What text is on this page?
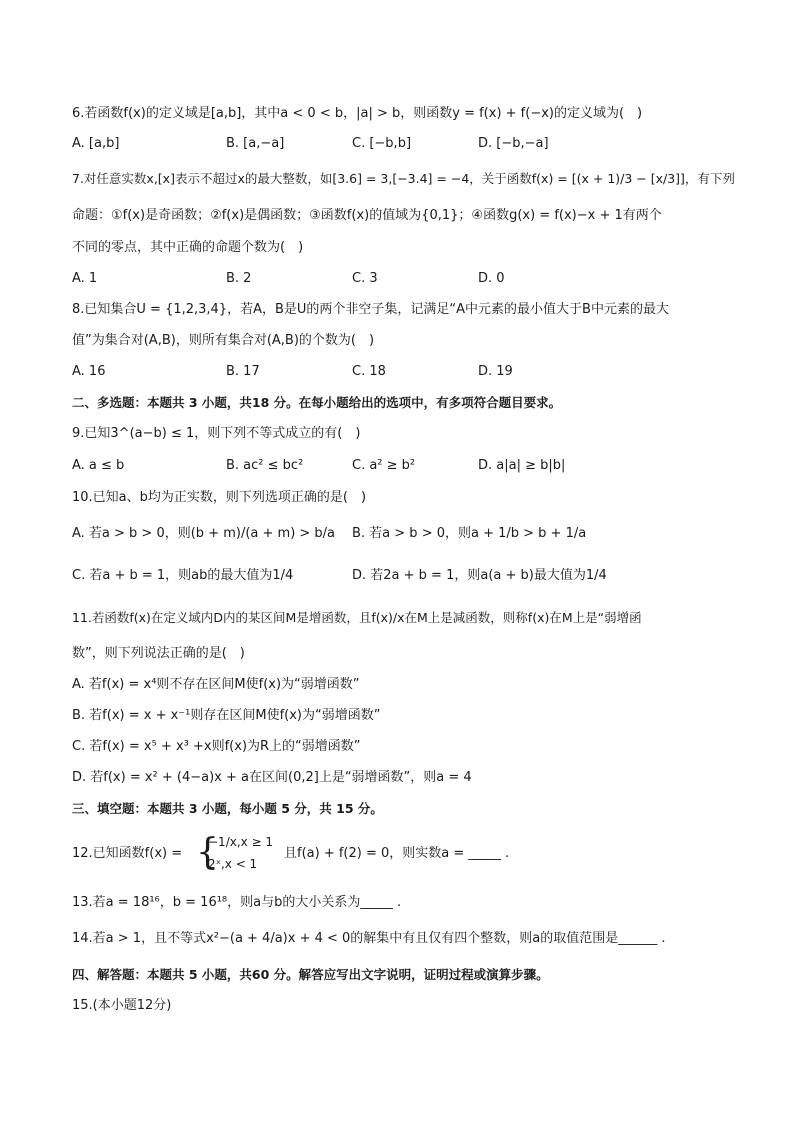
6.若函数f(x)的定义域是[a,b]，其中a < 0 < b，|a| > b，则函数y = f(x) + f(−x)的定义域为(　)
A. [a,b]	B. [a,−a]	C. [−b,b]	D. [−b,−a]
7.对任意实数x,[x]表示不超过x的最大整数，如[3.6] = 3,[−3.4] = −4，关于函数f(x) = [(x + 1)/3 − [x/3]]，有下列
命题：①f(x)是奇函数；②f(x)是偶函数；③函数f(x)的值域为{0,1}；④函数g(x) = f(x)−x + 1有两个
不同的零点，其中正确的命题个数为(　)
A. 1	B. 2	C. 3	D. 0
8.已知集合U = {1,2,3,4}，若A，B是U的两个非空子集，记满足“A中元素的最小值大于B中元素的最大
值”为集合对(A,B)，则所有集合对(A,B)的个数为(　)
A. 16	B. 17	C. 18	D. 19
二、多选题：本题共 3 小题，共18 分。在每小题给出的选项中，有多项符合题目要求。
9.已知3^(a−b) ≤ 1，则下列不等式成立的有(　)
A. a ≤ b	B. ac² ≤ bc²	C. a² ≥ b²	D. a|a| ≥ b|b|
10.已知a、b均为正实数，则下列选项正确的是(　)
A. 若a > b > 0，则(b + m)/(a + m) > b/a B. 若a > b > 0，则a + 1/b > b + 1/a
C. 若a + b = 1，则ab的最大值为1/4	D. 若2a + b = 1，则a(a + b)最大值为1/4
11.若函数f(x)在定义域内D内的某区间M是增函数，且f(x)/x在M上是减函数，则称f(x)在M上是“弱增函
数”，则下列说法正确的是(　)
A. 若f(x) = x⁴则不存在区间M使f(x)为“弱增函数”
B. 若f(x) = x + x⁻¹则存在区间M使f(x)为“弱增函数”
C. 若f(x) = x⁵ + x³ +x则f(x)为R上的“弱增函数”
D. 若f(x) = x² + (4−a)x + a在区间(0,2]上是“弱增函数”，则a = 4
三、填空题：本题共 3 小题，每小题 5 分，共 15 分。
12.已知函数f(x) = {
−1/x,x ≥ 1
2ˣ,x < 1
且f(a) + f(2) = 0，则实数a = _____ .
13.若a = 18¹⁶，b = 16¹⁸，则a与b的大小关系为_____ .
14.若a > 1，且不等式x²−(a + 4/a)x + 4 < 0的解集中有且仅有四个整数，则a的取值范围是______ .
四、解答题：本题共 5 小题，共60 分。解答应写出文字说明，证明过程或演算步骤。
15.(本小题12分)
